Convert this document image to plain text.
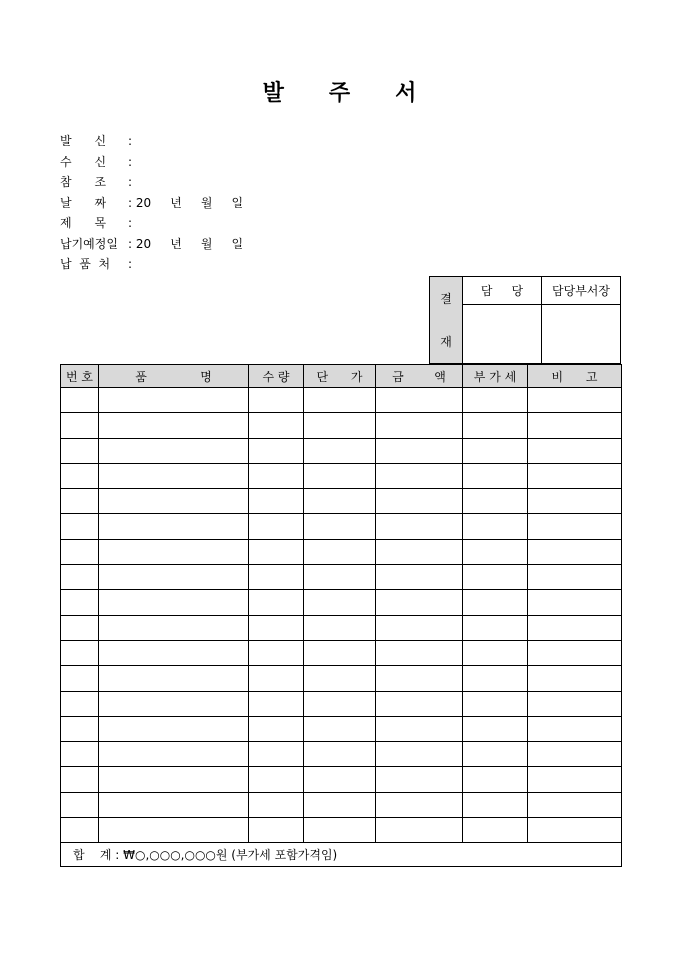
발 주 서
발      신 :
수      신 :
참      조 :
날      짜 : 20     년     월     일
제      목 :
납기예정일 : 20     년     월     일
납  품  처 :
결
재	담     당	담당부서장

번 호	품              명	수 량	단      가	금        액	부 가 세	비      고

합    계 : ₩○,○○○,○○○원 (부가세 포함가격임)						
